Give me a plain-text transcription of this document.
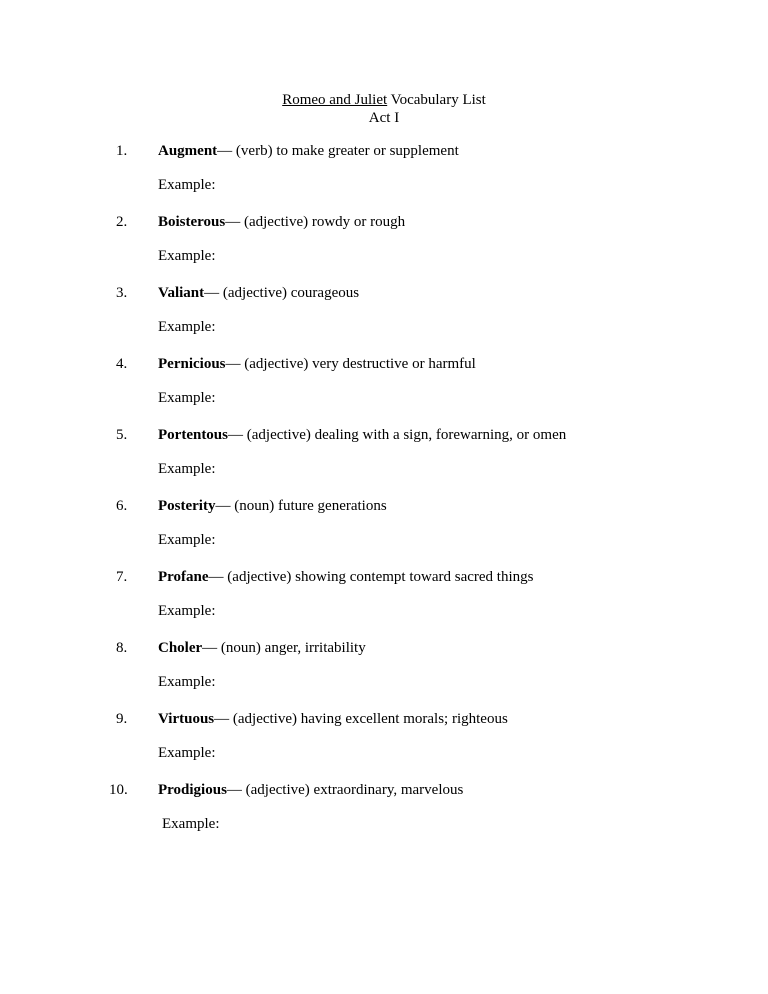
Romeo and Juliet Vocabulary List
Act I
1. Augment— (verb) to make greater or supplement
Example:
2. Boisterous— (adjective) rowdy or rough
Example:
3. Valiant— (adjective) courageous
Example:
4. Pernicious— (adjective) very destructive or harmful
Example:
5. Portentous— (adjective) dealing with a sign, forewarning, or omen
Example:
6. Posterity— (noun) future generations
Example:
7. Profane— (adjective) showing contempt toward sacred things
Example:
8. Choler— (noun) anger, irritability
Example:
9. Virtuous— (adjective) having excellent morals; righteous
Example:
10. Prodigious— (adjective) extraordinary, marvelous
Example:
